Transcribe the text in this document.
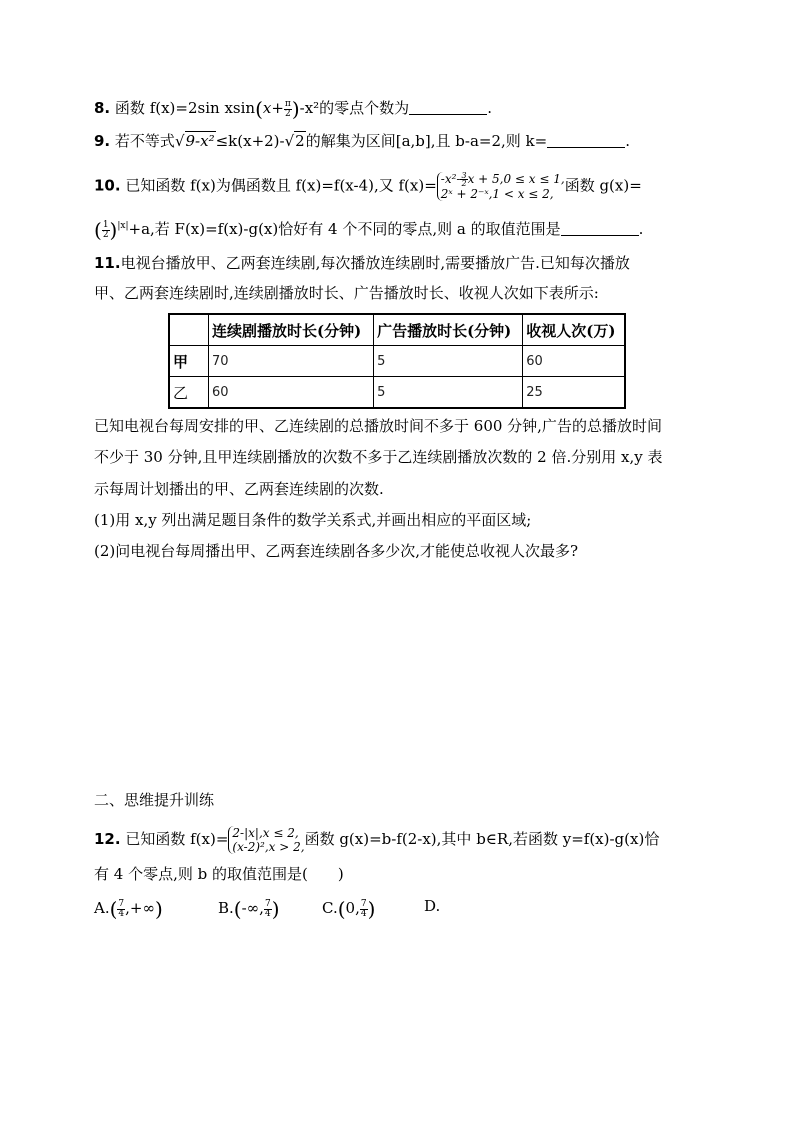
8. 函数 f(x)=2sin $xsin(x+ \frac{\pi}{2} )-x^2$的零点个数为	.
9. 若不等式√9-x²≤k(x+2)-√2的解集为区间[a,b],且 b-a=2,则 k=	.
10. 已知函数 f(x)为偶函数且 f(x)=f(x-4),又 $f(x)= -x^2- \frac{3}{2}$ x + 5,0 ≤ x ≤ 1,
2ˣ + 2⁻ˣ,1 < x ≤ 2, 函数 g(x)=
( $\frac{1}{2} )^{|x|}+a$,若 F(x)=f(x)-g(x)恰好有 4 个不同的零点,则 a 的取值范围是	.
11.电视台播放甲、乙两套连续剧,每次播放连续剧时,需要播放广告.已知每次播放
甲、乙两套连续剧时,连续剧播放时长、广告播放时长、收视人次如下表所示:
	连续剧播放时长(分钟)	广告播放时长(分钟)	收视人次(万)
甲	70	5	60
乙	60	5	25
已知电视台每周安排的甲、乙连续剧的总播放时间不多于 600 分钟,广告的总播放时间
不少于 30 分钟,且甲连续剧播放的次数不多于乙连续剧播放次数的 2 倍.分别用 x,y 表
示每周计划播出的甲、乙两套连续剧的次数.
(1)用 x,y 列出满足题目条件的数学关系式,并画出相应的平面区域;
(2)问电视台每周播出甲、乙两套连续剧各多少次,才能使总收视人次最多?
二、思维提升训练
12. 已知函数 f(x)= 2-|x|,x ≤ 2,
(x-2)²,x > 2, 函数 g(x)=b-f(2-x),其中 b∈R,若函数 y=f(x)-g(x)恰
有 4 个零点,则 b 的取值范围是(　　)
$A.( \frac{7}{4}$ ,+∞)	B.(-∞, $\frac{7}{4}$ )	C.(0, $\frac{7}{4}$ )	D.
